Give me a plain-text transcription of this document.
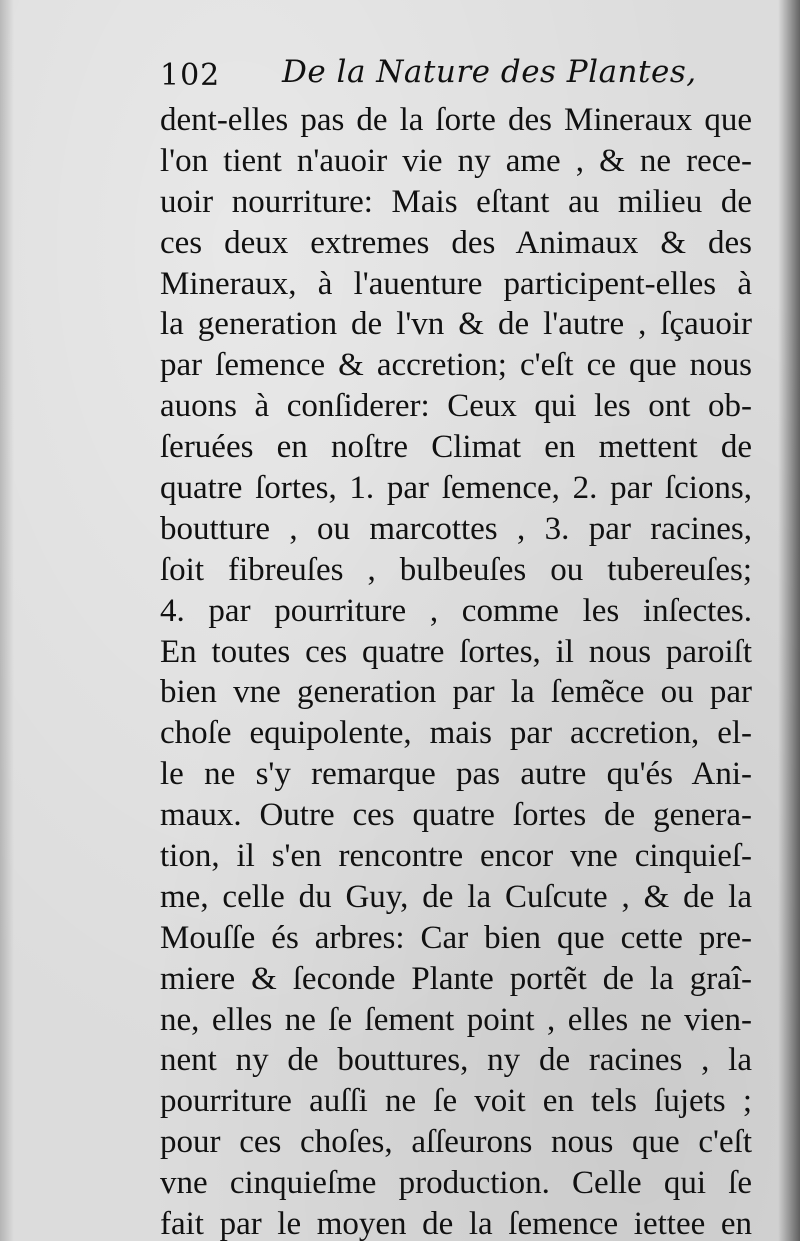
102 De la Nature des Plantes,
dent-elles pas de la ſorte des Mineraux que
l'on tient n'auoir vie ny ame , & ne rece-
uoir nourriture: Mais eſtant au milieu de
ces deux extremes des Animaux & des
Mineraux, à l'auenture participent-elles à
la generation de l'vn & de l'autre , ſçauoir
par ſemence & accretion; c'eſt ce que nous
auons à conſiderer: Ceux qui les ont ob-
ſeruées en noſtre Climat en mettent de
quatre ſortes, 1. par ſemence, 2. par ſcions,
boutture , ou marcottes , 3. par racines,
ſoit fibreuſes , bulbeuſes ou tubereuſes;
4. par pourriture , comme les inſectes.
En toutes ces quatre ſortes, il nous paroiſt
bien vne generation par la ſemẽce ou par
choſe equipolente, mais par accretion, el-
le ne s'y remarque pas autre qu'és Ani-
maux. Outre ces quatre ſortes de genera-
tion, il s'en rencontre encor vne cinquieſ-
me, celle du Guy, de la Cuſcute , & de la
Mouſſe és arbres: Car bien que cette pre-
miere & ſeconde Plante portẽt de la graî-
ne, elles ne ſe ſement point , elles ne vien-
nent ny de bouttures, ny de racines , la
pourriture auſſi ne ſe voit en tels ſujets ;
pour ces choſes, aſſeurons nous que c'eſt
vne cinquieſme production. Celle qui ſe
fait par le moyen de la ſemence iettee en
